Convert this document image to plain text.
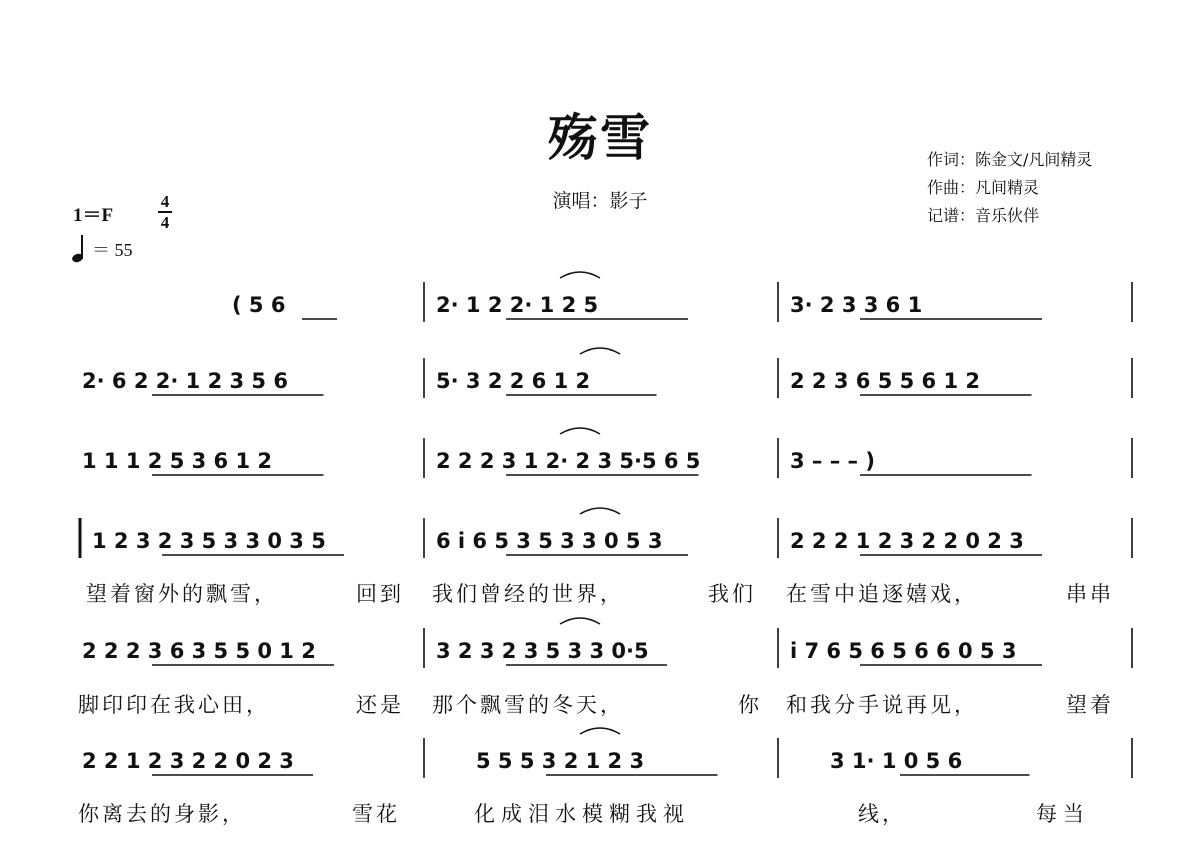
殇雪
演唱：影子
作词：陈金文/凡间精灵
作曲：凡间精灵
记谱：音乐伙伴
1＝F
4
4
＝ 55
( 5 6	2· 1 2 2· 1 2 5	3· 2 3 3 6 1
2· 6 2 2· 1 2 3 5 6	5· 3 2 2 6 1 2	2 2 3 6 5 5 6 1 2
1 1 1 2 5 3 6 1 2	2 2 2 3 1 2· 2 3 5·5 6 5	3 – – – )
1 2 3 2 3 5 3 3 0 3 5	6 i 6 5 3 5 3 3 0 5 3	2 2 2 1 2 3 2 2 0 2 3
2 2 2 3 6 3 5 5 0 1 2	3 2 3 2 3 5 3 3 0·5	i 7 6 5 6 5 6 6 0 5 3
2 2 1 2 3 2 2 0 2 3	5 5 5 3 2 1 2 3	3 1· 1 0 5 6
望着窗外的飘雪，	回到 我们曾经的世界，	我们 在雪中追逐嬉戏，	串串
脚印印在我心田，	还是 那个飘雪的冬天，	你 和我分手说再见，	望着
你离去的身影，	雪花	化成泪水模糊我视	线，	每当
